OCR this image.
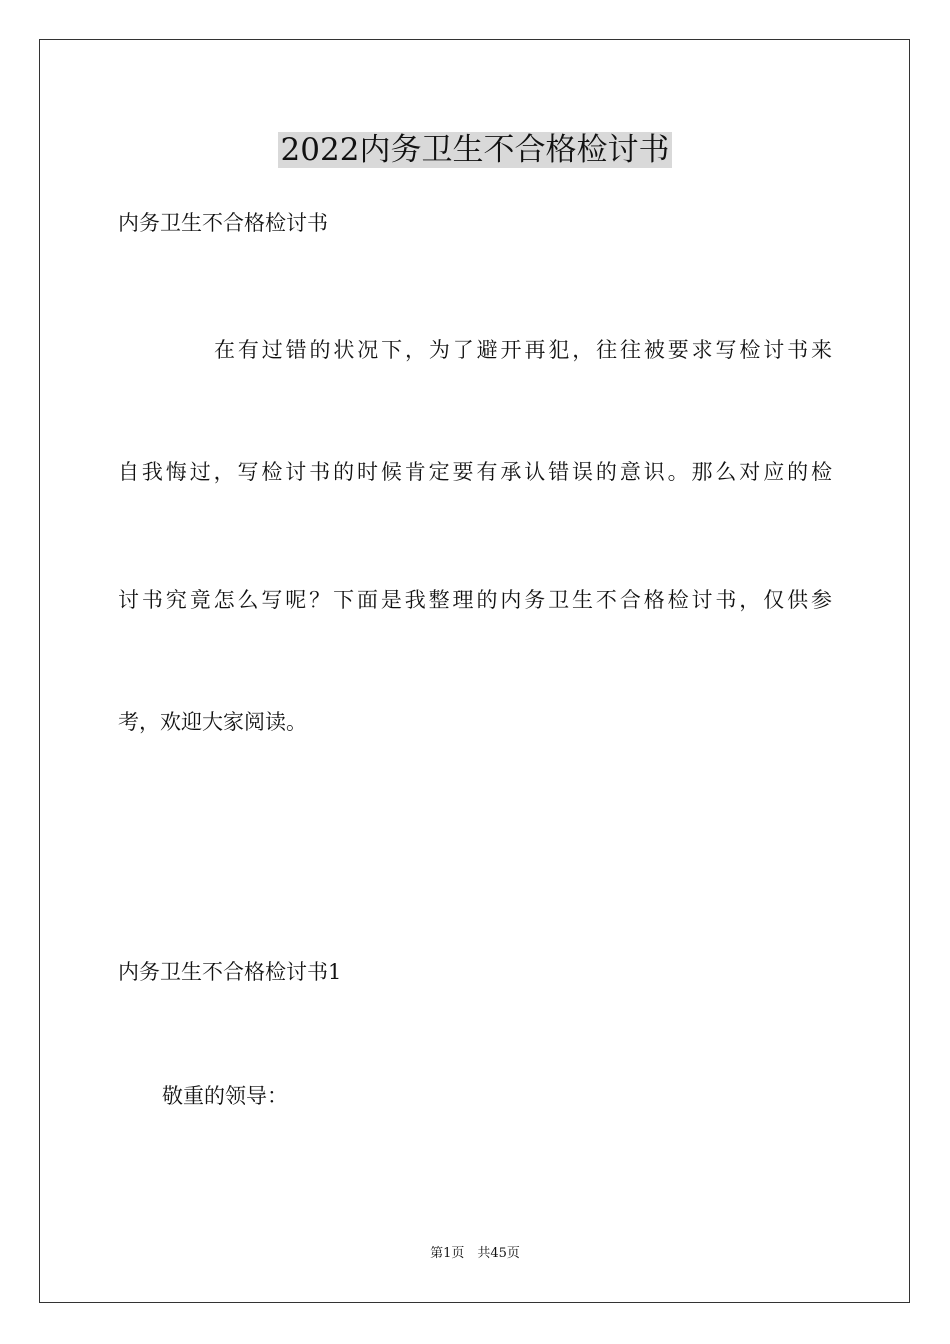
2022内务卫生不合格检讨书

内务卫生不合格检讨书

在有过错的状况下，为了避开再犯，往往被要求写检讨书来

自我悔过，写检讨书的时候肯定要有承认错误的意识。那么对应的检

讨书究竟怎么写呢？下面是我整理的内务卫生不合格检讨书，仅供参

考，欢迎大家阅读。

内务卫生不合格检讨书1

敬重的领导：

第1页　共45页
